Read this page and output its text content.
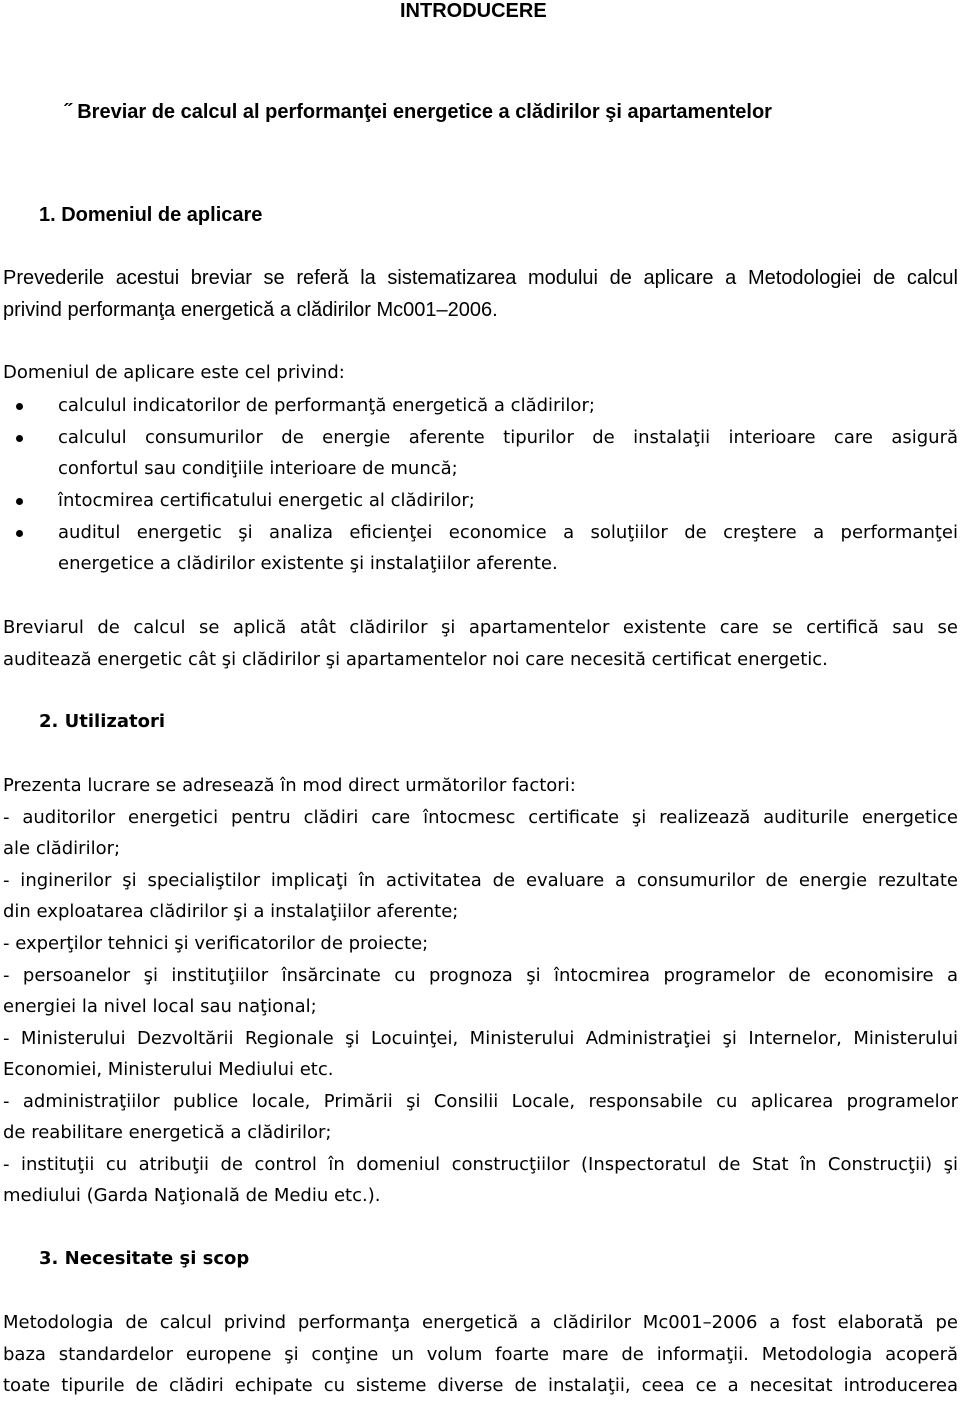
INTRODUCERE
˝ Breviar de calcul al performanţei energetice a clădirilor şi apartamentelor
1. Domeniul de aplicare
Prevederile acestui breviar se referă la sistematizarea modului de aplicare a Metodologiei de calcul
privind performanţa energetică a clădirilor Mc001–2006.
Domeniul de aplicare este cel privind:
calculul indicatorilor de performanţă energetică a clădirilor;
calculul consumurilor de energie aferente tipurilor de instalaţii interioare care asigură
confortul sau condiţiile interioare de muncă;
întocmirea certificatului energetic al clădirilor;
auditul energetic şi analiza eficienţei economice a soluţiilor de creştere a performanţei
energetice a clădirilor existente şi instalaţiilor aferente.
Breviarul de calcul se aplică atât clădirilor şi apartamentelor existente care se certifică sau se
auditează energetic cât şi clădirilor şi apartamentelor noi care necesită certificat energetic.
2. Utilizatori
Prezenta lucrare se adresează în mod direct următorilor factori:
- auditorilor energetici pentru clădiri care întocmesc certificate şi realizează auditurile energetice
ale clădirilor;
- inginerilor şi specialiştilor implicaţi în activitatea de evaluare a consumurilor de energie rezultate
din exploatarea clădirilor şi a instalaţiilor aferente;
- experţilor tehnici şi verificatorilor de proiecte;
- persoanelor şi instituţiilor însărcinate cu prognoza şi întocmirea programelor de economisire a
energiei la nivel local sau naţional;
- Ministerului Dezvoltării Regionale şi Locuinţei, Ministerului Administraţiei şi Internelor, Ministerului
Economiei, Ministerului Mediului etc.
- administraţiilor publice locale, Primării şi Consilii Locale, responsabile cu aplicarea programelor
de reabilitare energetică a clădirilor;
- instituţii cu atribuţii de control în domeniul construcţiilor (Inspectoratul de Stat în Construcţii) şi
mediului (Garda Naţională de Mediu etc.).
3. Necesitate şi scop
Metodologia de calcul privind performanţa energetică a clădirilor Mc001–2006 a fost elaborată pe
baza standardelor europene şi conţine un volum foarte mare de informaţii. Metodologia acoperă
toate tipurile de clădiri echipate cu sisteme diverse de instalaţii, ceea ce a necesitat introducerea
